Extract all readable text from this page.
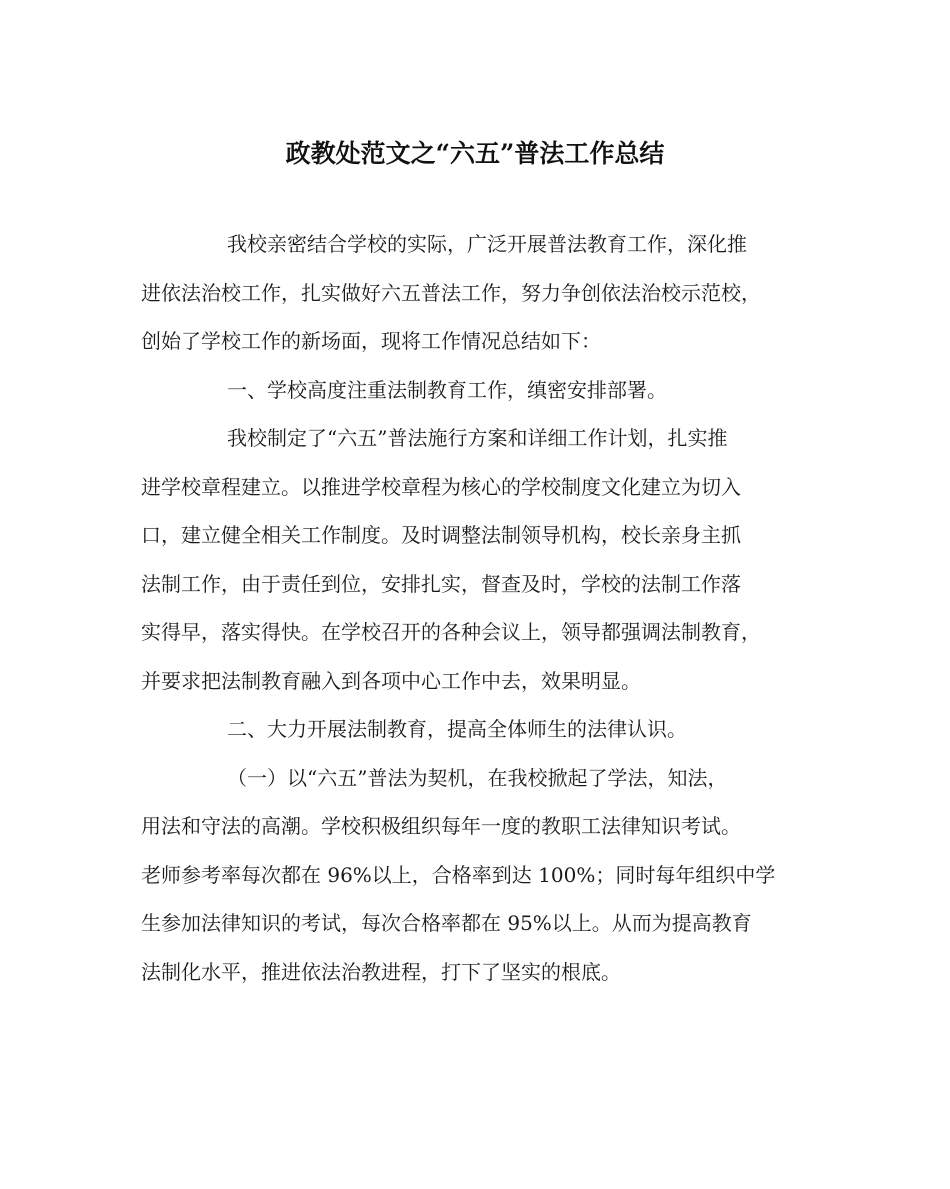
政教处范文之“六五”普法工作总结
我校亲密结合学校的实际，广泛开展普法教育工作，深化推
进依法治校工作，扎实做好六五普法工作，努力争创依法治校示范校，
创始了学校工作的新场面，现将工作情况总结如下：
一、学校高度注重法制教育工作，缜密安排部署。
我校制定了“六五”普法施行方案和详细工作计划，扎实推
进学校章程建立。以推进学校章程为核心的学校制度文化建立为切入
口，建立健全相关工作制度。及时调整法制领导机构，校长亲身主抓
法制工作，由于责任到位，安排扎实，督查及时，学校的法制工作落
实得早，落实得快。在学校召开的各种会议上，领导都强调法制教育，
并要求把法制教育融入到各项中心工作中去，效果明显。
二、大力开展法制教育，提高全体师生的法律认识。
（一）以“六五”普法为契机，在我校掀起了学法，知法，
用法和守法的高潮。学校积极组织每年一度的教职工法律知识考试。
老师参考率每次都在 96%以上，合格率到达 100%；同时每年组织中学
生参加法律知识的考试，每次合格率都在 95%以上。从而为提高教育
法制化水平，推进依法治教进程，打下了坚实的根底。
